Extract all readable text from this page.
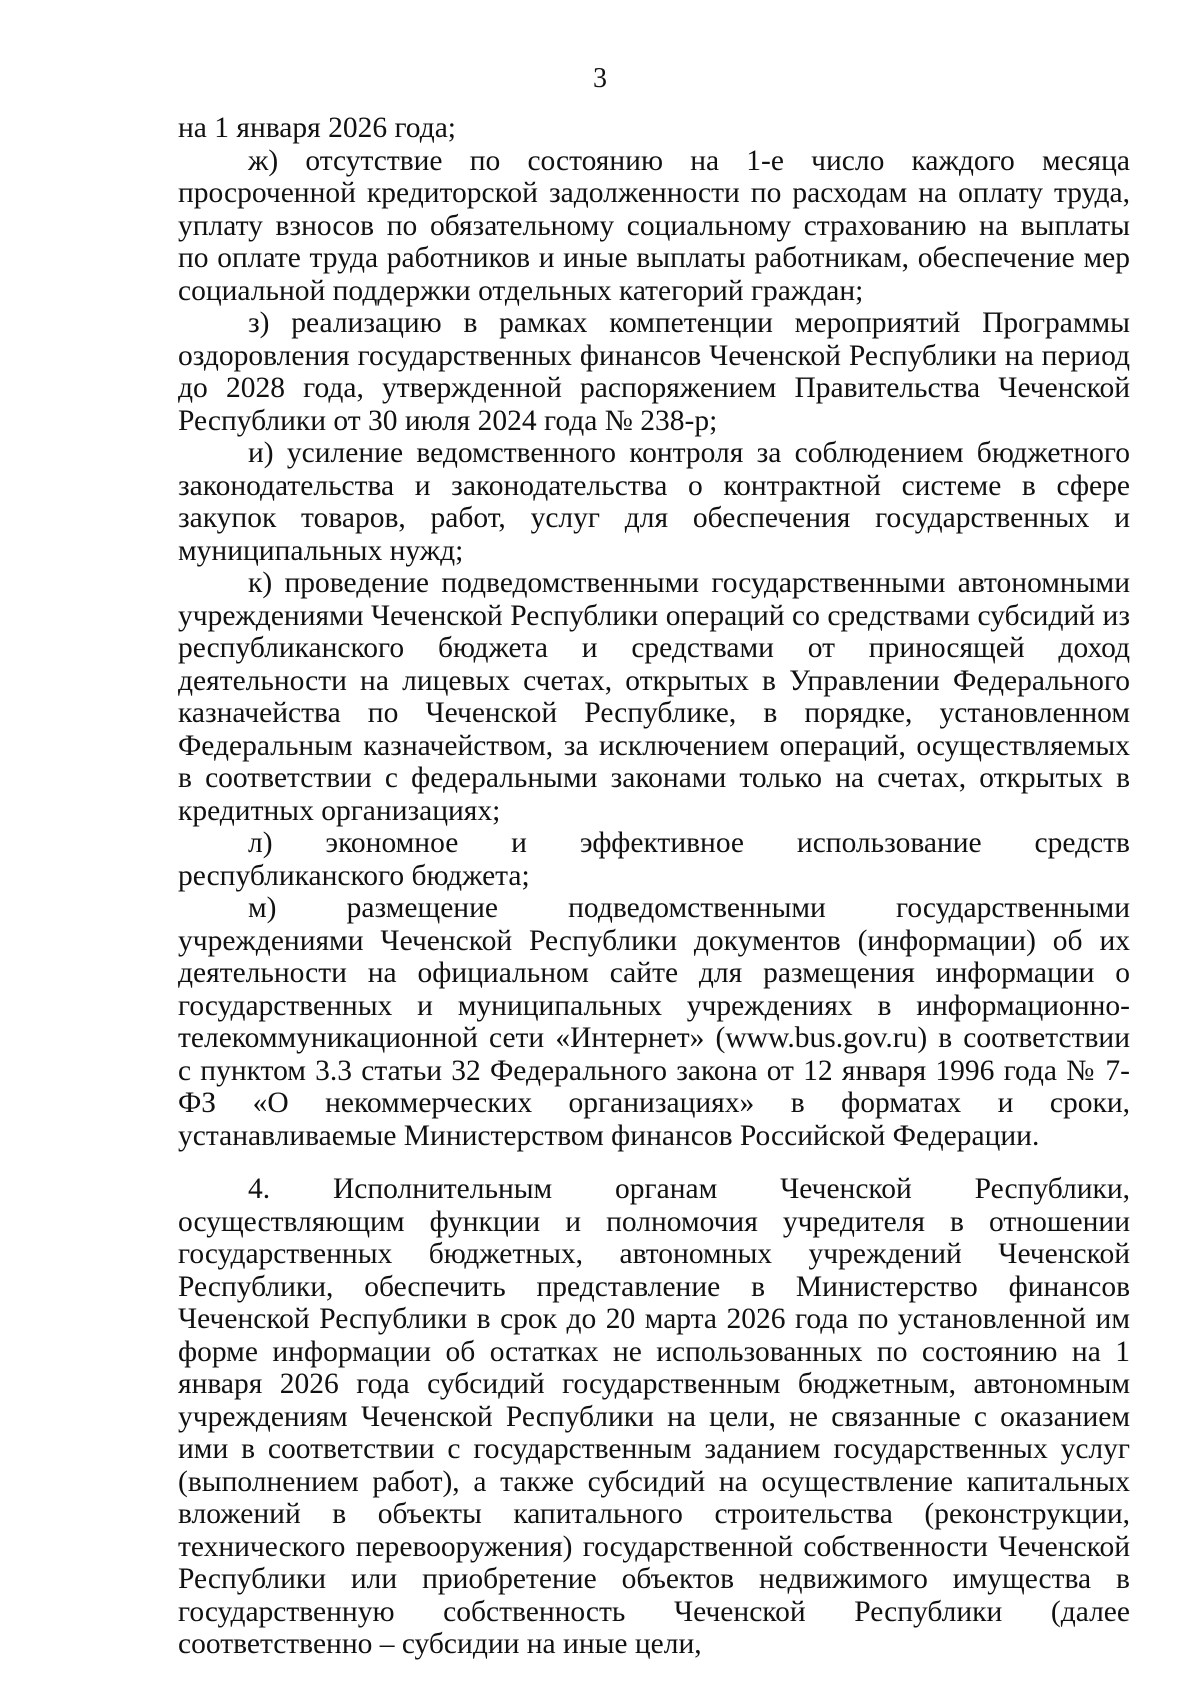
3

на 1 января 2026 года;

ж) отсутствие по состоянию на 1-е число каждого месяца просроченной кредиторской задолженности по расходам на оплату труда, уплату взносов по обязательному социальному страхованию на выплаты по оплате труда работников и иные выплаты работникам, обеспечение мер социальной поддержки отдельных категорий граждан;

з) реализацию в рамках компетенции мероприятий Программы оздоровления государственных финансов Чеченской Республики на период до 2028 года, утвержденной распоряжением Правительства Чеченской Республики от 30 июля 2024 года № 238-р;

и) усиление ведомственного контроля за соблюдением бюджетного законодательства и законодательства о контрактной системе в сфере закупок товаров, работ, услуг для обеспечения государственных и муниципальных нужд;

к) проведение подведомственными государственными автономными учреждениями Чеченской Республики операций со средствами субсидий из республиканского бюджета и средствами от приносящей доход деятельности на лицевых счетах, открытых в Управлении Федерального казначейства по Чеченской Республике, в порядке, установленном Федеральным казначейством, за исключением операций, осуществляемых в соответствии с федеральными законами только на счетах, открытых в кредитных организациях;

л) экономное и эффективное использование средств республиканского бюджета;

м) размещение подведомственными государственными учреждениями Чеченской Республики документов (информации) об их деятельности на официальном сайте для размещения информации о государственных и муниципальных учреждениях в информационно-телекоммуникационной сети «Интернет» (www.bus.gov.ru) в соответствии с пунктом 3.3 статьи 32 Федерального закона от 12 января 1996 года № 7-ФЗ «О некоммерческих организациях» в форматах и сроки, устанавливаемые Министерством финансов Российской Федерации.

4. Исполнительным органам Чеченской Республики, осуществляющим функции и полномочия учредителя в отношении государственных бюджетных, автономных учреждений Чеченской Республики, обеспечить представление в Министерство финансов Чеченской Республики в срок до 20 марта 2026 года по установленной им форме информации об остатках не использованных по состоянию на 1 января 2026 года субсидий государственным бюджетным, автономным учреждениям Чеченской Республики на цели, не связанные с оказанием ими в соответствии с государственным заданием государственных услуг (выполнением работ), а также субсидий на осуществление капитальных вложений в объекты капитального строительства (реконструкции, технического перевооружения) государственной собственности Чеченской Республики или приобретение объектов недвижимого имущества в государственную собственность Чеченской Республики (далее соответственно – субсидии на иные цели,
